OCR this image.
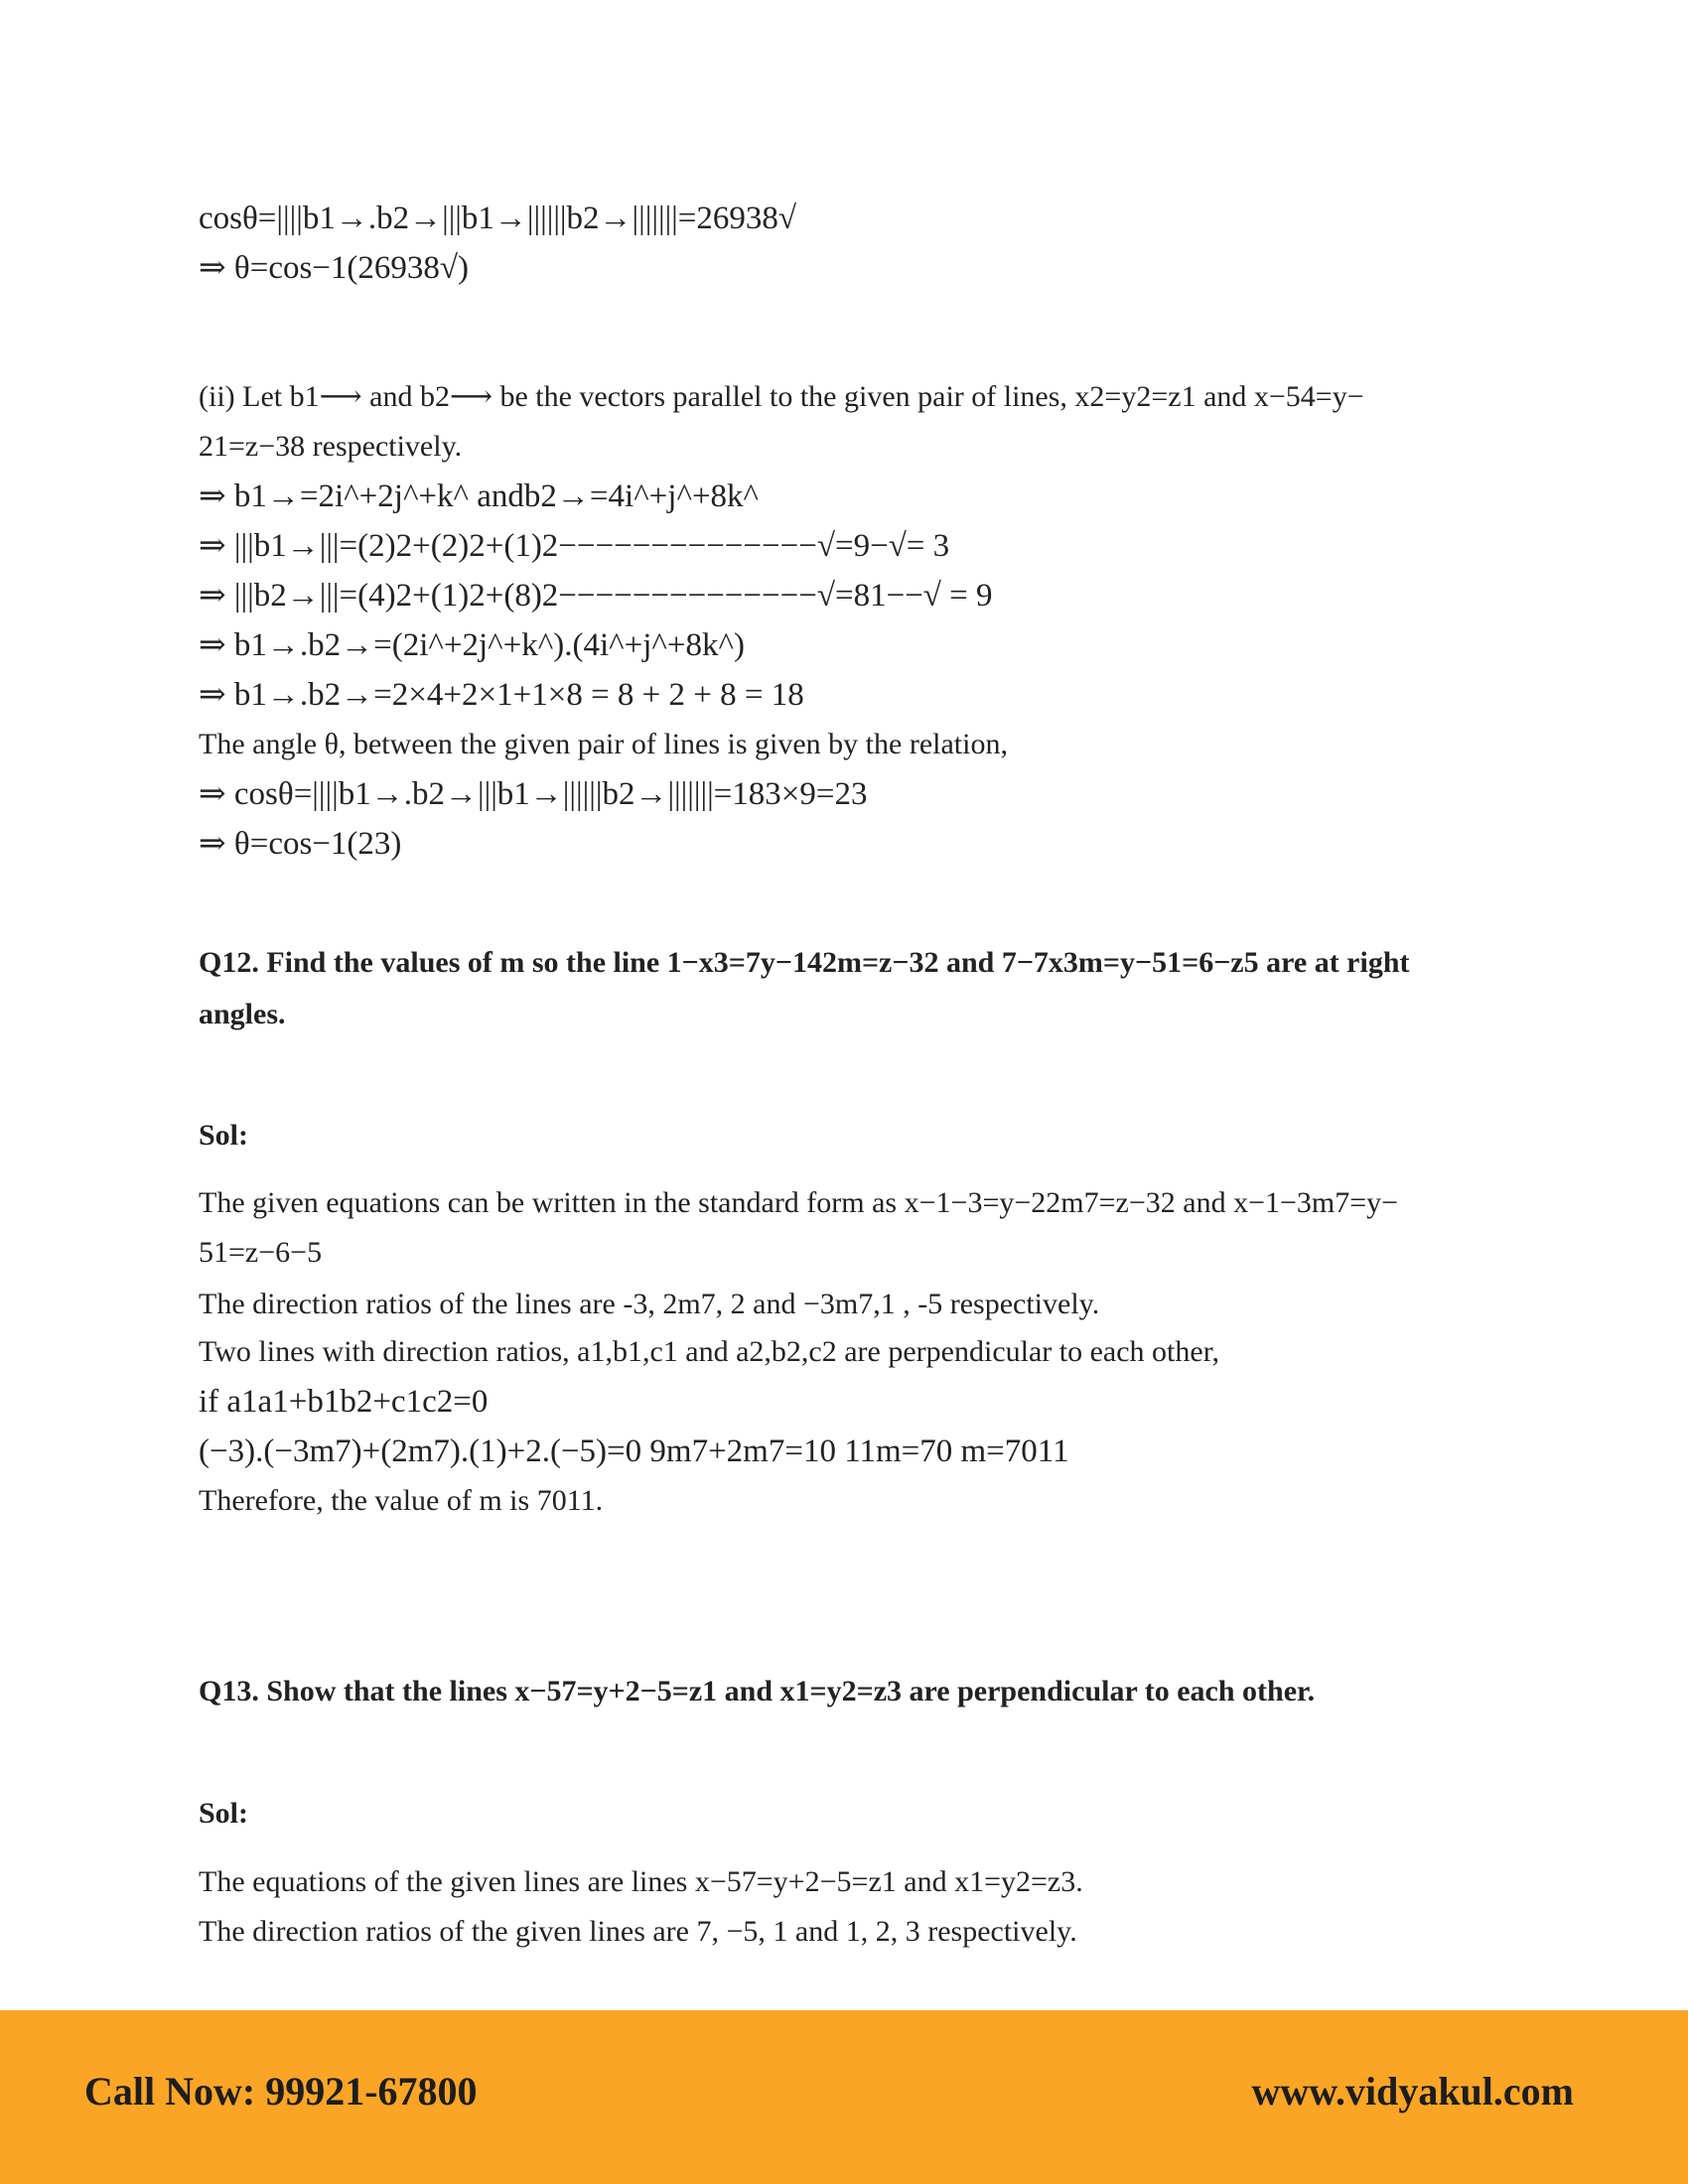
cosθ=||||b1→.b2→|||b1→||||||b2→|||||||=26938√
⇒ θ=cos−1(26938√)
(ii) Let b1⟶ and b2⟶ be the vectors parallel to the given pair of lines, x2=y2=z1 and x−54=y−
21=z−38 respectively.
⇒ b1→=2i^+2j^+k^ andb2→=4i^+j^+8k^
⇒ |||b1→|||=(2)2+(2)2+(1)2−−−−−−−−−−−−−−√=9−√= 3
⇒ |||b2→|||=(4)2+(1)2+(8)2−−−−−−−−−−−−−−√=81−−√ = 9
⇒ b1→.b2→=(2i^+2j^+k^).(4i^+j^+8k^)
⇒ b1→.b2→=2×4+2×1+1×8 = 8 + 2 + 8 = 18
The angle θ, between the given pair of lines is given by the relation,
⇒ cosθ=||||b1→.b2→|||b1→||||||b2→|||||||=183×9=23
⇒ θ=cos−1(23)
Q12. Find the values of m so the line 1−x3=7y−142m=z−32 and 7−7x3m=y−51=6−z5 are at right
angles.
Sol:
The given equations can be written in the standard form as x−1−3=y−22m7=z−32 and x−1−3m7=y−
51=z−6−5
The direction ratios of the lines are -3, 2m7, 2 and −3m7,1 , -5 respectively.
Two lines with direction ratios, a1,b1,c1 and a2,b2,c2 are perpendicular to each other,
if a1a1+b1b2+c1c2=0
(−3).(−3m7)+(2m7).(1)+2.(−5)=0 9m7+2m7=10 11m=70 m=7011
Therefore, the value of m is 7011.
Q13. Show that the lines x−57=y+2−5=z1 and x1=y2=z3 are perpendicular to each other.
Sol:
The equations of the given lines are lines x−57=y+2−5=z1 and x1=y2=z3.
The direction ratios of the given lines are 7, −5, 1 and 1, 2, 3 respectively.
Call Now: 99921-67800	www.vidyakul.com
